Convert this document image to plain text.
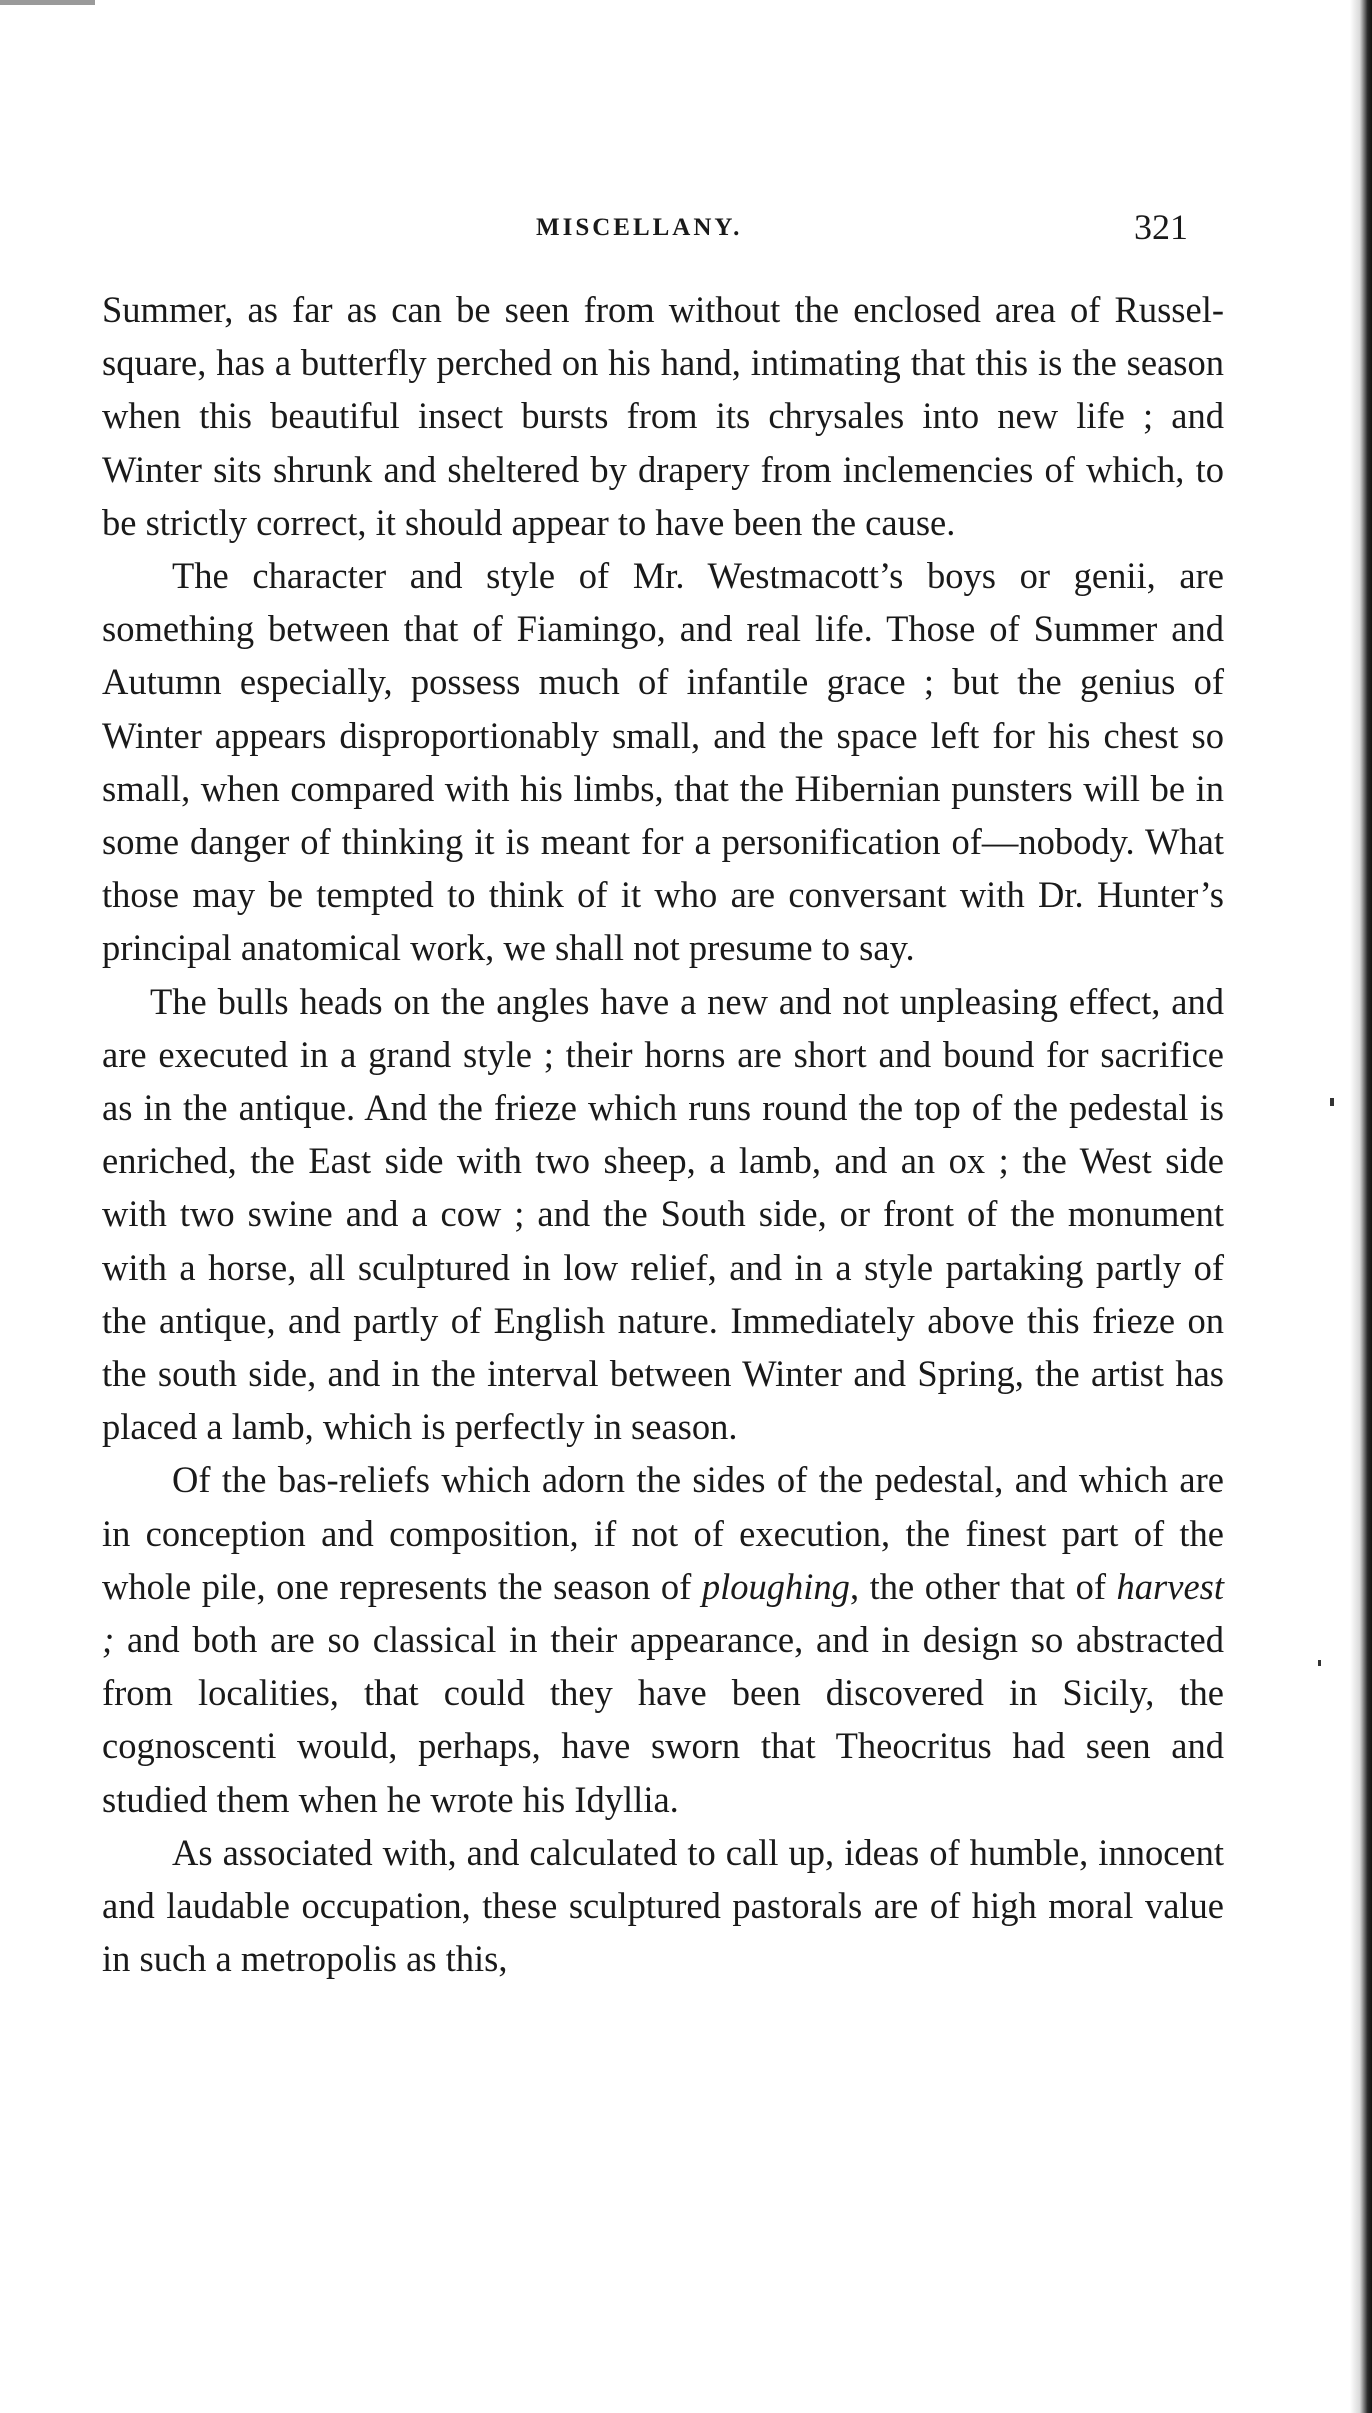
MISCELLANY.	321

Summer, as far as can be seen from without the enclosed area of Russel-square, has a butterfly perched on his hand, intimating that this is the season when this beautiful insect bursts from its chrysales into new life ; and Winter sits shrunk and sheltered by drapery from inclemencies of which, to be strictly correct, it should appear to have been the cause.

The character and style of Mr. Westmacott’s boys or genii, are something between that of Fiamingo, and real life. Those of Summer and Autumn especially, possess much of infantile grace ; but the genius of Winter appears disproportionably small, and the space left for his chest so small, when compared with his limbs, that the Hibernian punsters will be in some danger of thinking it is meant for a personification of—nobody. What those may be tempted to think of it who are conversant with Dr. Hunter’s principal anatomical work, we shall not presume to say.

The bulls heads on the angles have a new and not unpleasing effect, and are executed in a grand style ; their horns are short and bound for sacrifice as in the antique. And the frieze which runs round the top of the pedestal is enriched, the East side with two sheep, a lamb, and an ox ; the West side with two swine and a cow ; and the South side, or front of the monument with a horse, all sculptured in low relief, and in a style partaking partly of the antique, and partly of English nature. Immediately above this frieze on the south side, and in the interval between Winter and Spring, the artist has placed a lamb, which is perfectly in season.

Of the bas-reliefs which adorn the sides of the pedestal, and which are in conception and composition, if not of execution, the finest part of the whole pile, one represents the season of ploughing, the other that of harvest ; and both are so classical in their appearance, and in design so abstracted from localities, that could they have been discovered in Sicily, the cognoscenti would, perhaps, have sworn that Theocritus had seen and studied them when he wrote his Idyllia.

As associated with, and calculated to call up, ideas of humble, innocent and laudable occupation, these sculptured pastorals are of high moral value in such a metropolis as this,
